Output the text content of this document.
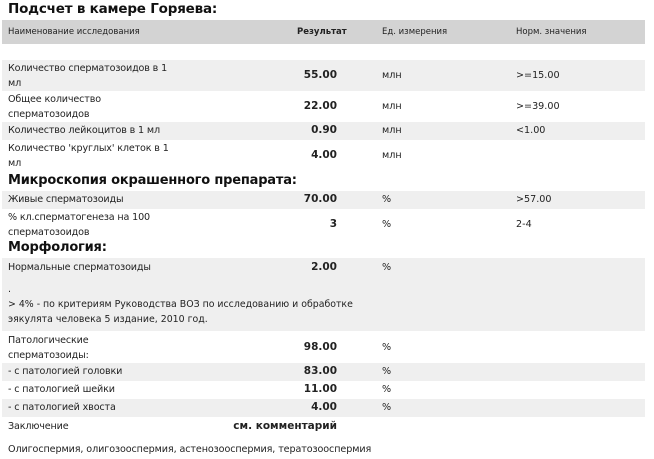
Подсчет в камере Горяева:
Наименование исследования	Результат	Ед. измерения	Норм. значения
Количество сперматозоидов в 1
мл
55.00	млн	>=15.00
Общее количество
сперматозоидов
22.00	млн	>=39.00
Количество лейкоцитов в 1 мл	0.90	млн	<1.00
Количество 'круглых' клеток в 1
мл
4.00	млн
Микроскопия окрашенного препарата:
Живые сперматозоиды	70.00	%	>57.00
% кл.сперматогенеза на 100
сперматозоидов
3	%	2-4
Морфология:
Нормальные сперматозоиды	2.00	%
.
> 4% - по критериям Руководства ВОЗ по исследованию и обработке
эякулята человека 5 издание, 2010 год.
Патологические
сперматозоиды:
98.00	%
- с патологией головки	83.00	%
- с патологией шейки	11.00	%
- с патологией хвоста	4.00	%
Заключение	см. комментарий
Олигоспермия, олигозооспермия, астенозооспермия, тератозооспермия
